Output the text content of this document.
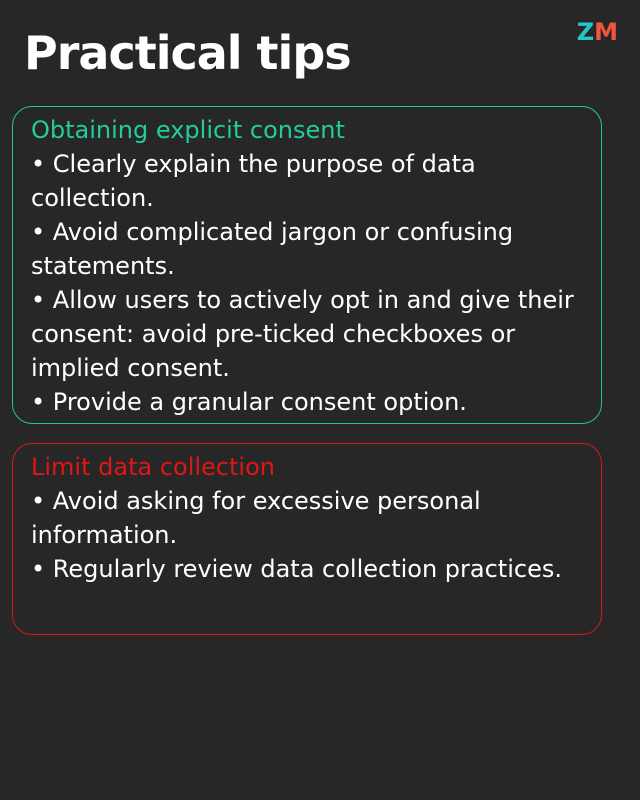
ZM
Practical tips

Obtaining explicit consent

• Clearly explain the purpose of data collection.

• Avoid complicated jargon or confusing statements.

• Allow users to actively opt in and give their consent: avoid pre-ticked checkboxes or implied consent.

• Provide a granular consent option.

Limit data collection

• Avoid asking for excessive personal information.

• Regularly review data collection practices.
